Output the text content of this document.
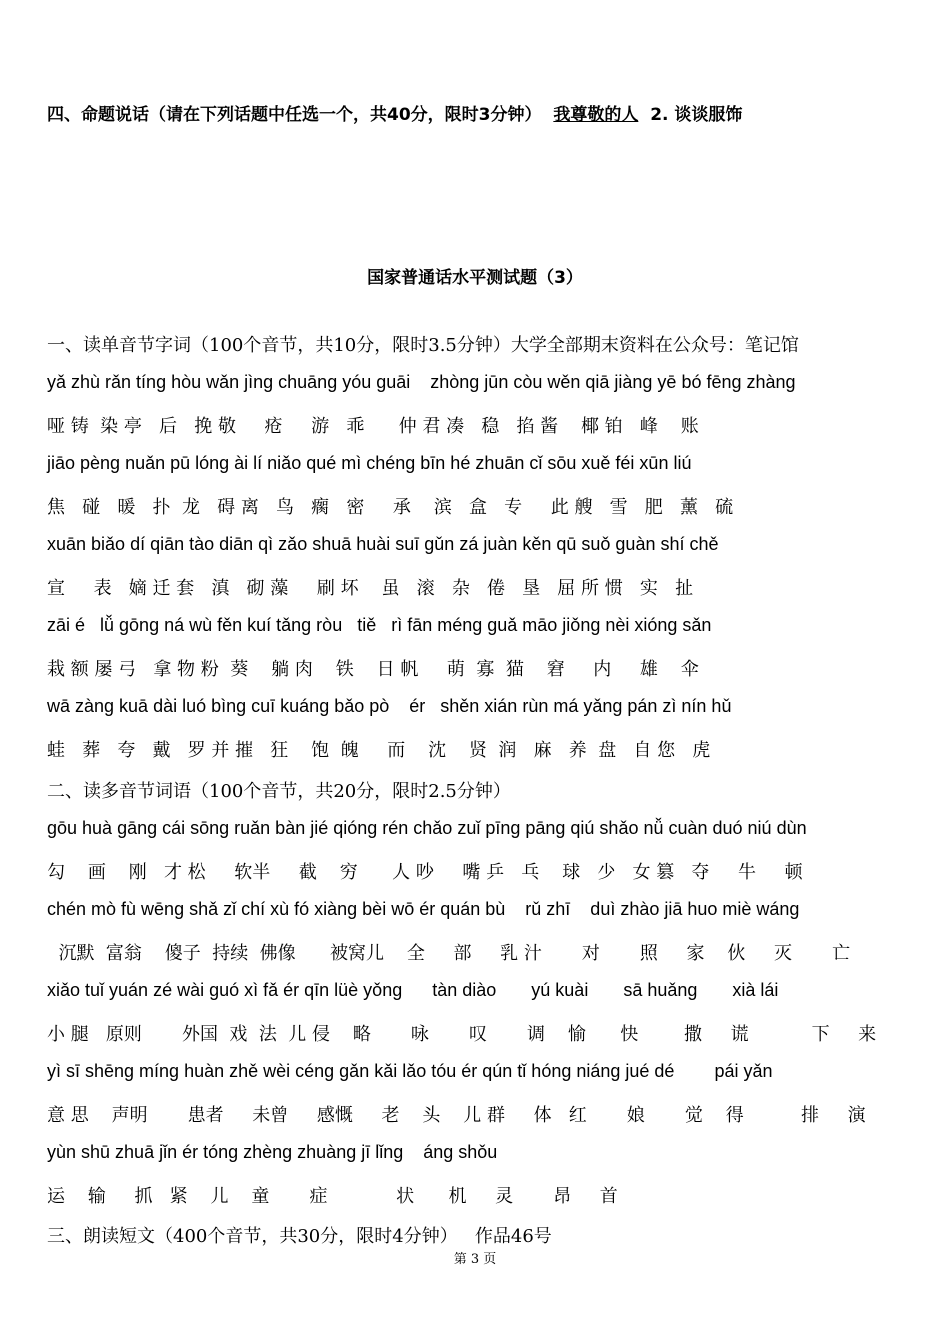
四、命题说话（请在下列话题中任选一个，共40分，限时3分钟） 我尊敬的人 2. 谈谈服饰
国家普通话水平测试题（3）
一、读单音节字词（100个音节，共10分，限时3.5分钟）大学全部期末资料在公众号：笔记馆
yǎ zhù rǎn tíng hòu wǎn jìng chuāng yóu guāi    zhòng jūn còu wěn qiā jiàng yē bó fēng zhàng
哑 铸  染 亭   后   挽 敬     疮     游   乖      仲 君 凑   稳   掐 酱    椰 铂   峰    账
jiāo pèng nuǎn pū lóng ài lí niǎo qué mì chéng bīn hé zhuān cǐ sōu xuě féi xūn liú
焦   碰   暖   扑  龙   碍 离   鸟   瘸   密     承    滨   盒   专     此 艘   雪   肥   薰   硫
xuān biǎo dí qiān tào diān qì zǎo shuā huài suī gǔn zá juàn kěn qū suǒ guàn shí chě
宣     表   嫡 迁 套   滇   砌 藻     刷 坏    虽   滚   杂   倦   垦   屈 所 惯   实   扯
zāi é   lǚ gōng ná wù fěn kuí tǎng ròu   tiě   rì fān méng guǎ māo jiǒng nèi xióng sǎn
栽 额 屡 弓   拿 物 粉  葵    躺 肉    铁    日 帆     萌  寡  猫    窘     内     雄    伞
wā zàng kuā dài luó bìng cuī kuáng bǎo pò    ér   shěn xián rùn má yǎng pán zì nín hǔ
蛙   葬   夸   戴   罗 并 摧   狂    饱  魄     而    沈    贤  润   麻   养  盘   自 您   虎
二、读多音节词语（100个音节，共20分，限时2.5分钟）
gōu huà gāng cái sōng ruǎn bàn jié qióng rén chǎo zuǐ pīng pāng qiú shǎo nǚ cuàn duó niú dùn
勾    画    刚   才 松     软半     截    穷      人 吵     嘴 乒   乓    球   少   女 篡   夺     牛     顿
chén mò fù wēng shǎ zǐ chí xù fó xiàng bèi wō ér quán bù    rǔ zhī    duì zhào jiā huo miè wáng
沉默  富翁    傻子  持续  佛像      被窝儿    全     部     乳 汁       对       照     家    伙     灭       亡
xiǎo tuǐ yuán zé wài guó xì fǎ ér qīn lüè yǒng      tàn diào       yú kuài       sā huǎng       xià lái
小 腿   原则       外国  戏  法  儿 侵    略       咏       叹       调    愉      快        撒     谎           下     来
yì sī shēng míng huàn zhě wèi céng gǎn kǎi lǎo tóu ér qún tǐ hóng niáng jué dé        pái yǎn
意 思    声明       患者     未曾     感慨     老    头    儿 群     体   红       娘       觉    得          排     演
yùn shū zhuā jǐn ér tóng zhèng zhuàng jī lǐng    áng shǒu
运    输     抓   紧    儿    童       症            状      机     灵       昂     首
三、朗读短文（400个音节，共30分，限时4分钟）   作品46号
第 3 页
